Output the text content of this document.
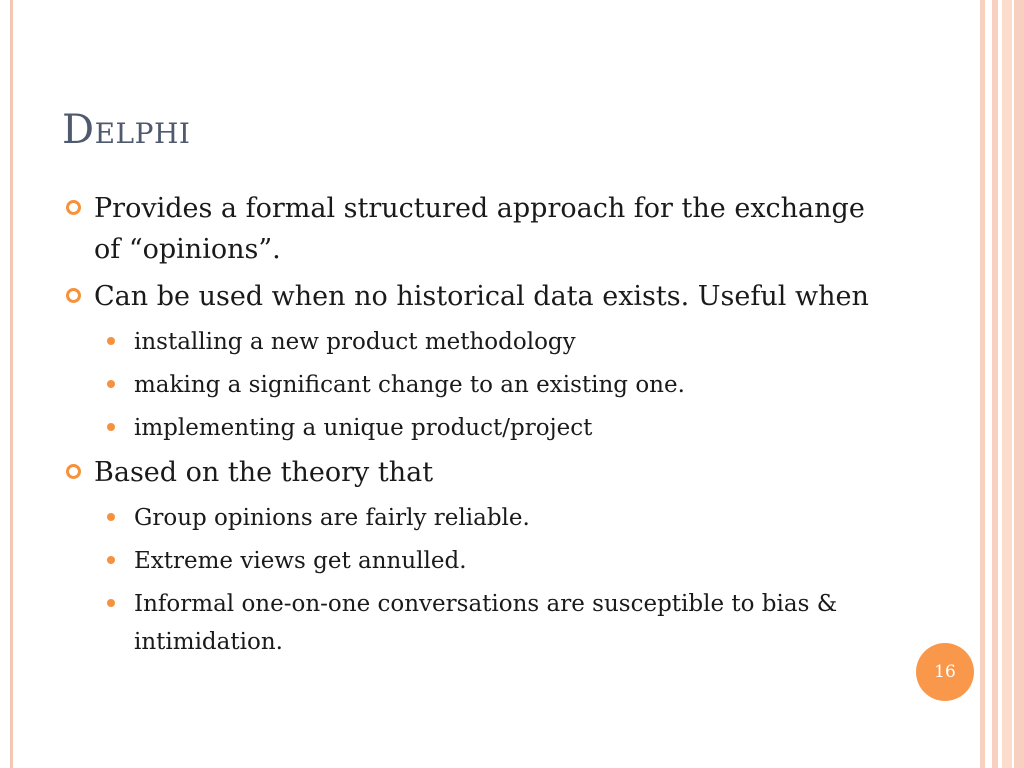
Delphi
Provides a formal structured approach for the exchange of “opinions”.
Can be used when no historical data exists. Useful when
installing a new product methodology
making a significant change to an existing one.
implementing a unique product/project
Based on the theory that
Group opinions are fairly reliable.
Extreme views get annulled.
Informal one-on-one conversations are susceptible to bias & intimidation.
16
